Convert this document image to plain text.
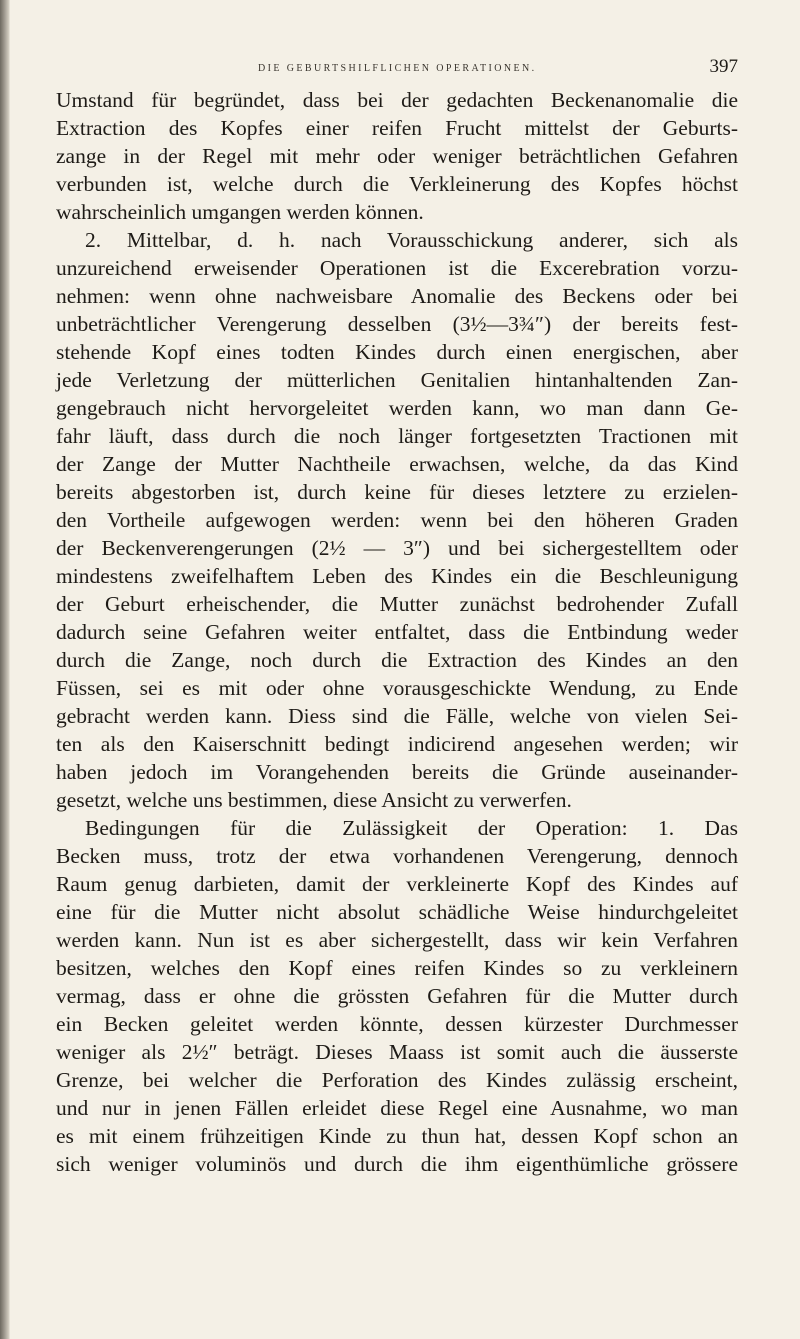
DIE GEBURTSHILFLICHEN OPERATIONEN.	397
Umstand für begründet, dass bei der gedachten Beckenanomalie die
Extraction des Kopfes einer reifen Frucht mittelst der Geburts-
zange in der Regel mit mehr oder weniger beträchtlichen Gefahren
verbunden ist, welche durch die Verkleinerung des Kopfes höchst
wahrscheinlich umgangen werden können.
2. Mittelbar, d. h. nach Vorausschickung anderer, sich als
unzureichend erweisender Operationen ist die Excerebration vorzu-
nehmen: wenn ohne nachweisbare Anomalie des Beckens oder bei
unbeträchtlicher Verengerung desselben (3½—3¾″) der bereits fest-
stehende Kopf eines todten Kindes durch einen energischen, aber
jede Verletzung der mütterlichen Genitalien hintanhaltenden Zan-
gengebrauch nicht hervorgeleitet werden kann, wo man dann Ge-
fahr läuft, dass durch die noch länger fortgesetzten Tractionen mit
der Zange der Mutter Nachtheile erwachsen, welche, da das Kind
bereits abgestorben ist, durch keine für dieses letztere zu erzielen-
den Vortheile aufgewogen werden: wenn bei den höheren Graden
der Beckenverengerungen (2½ — 3″) und bei sichergestelltem oder
mindestens zweifelhaftem Leben des Kindes ein die Beschleunigung
der Geburt erheischender, die Mutter zunächst bedrohender Zufall
dadurch seine Gefahren weiter entfaltet, dass die Entbindung weder
durch die Zange, noch durch die Extraction des Kindes an den
Füssen, sei es mit oder ohne vorausgeschickte Wendung, zu Ende
gebracht werden kann. Diess sind die Fälle, welche von vielen Sei-
ten als den Kaiserschnitt bedingt indicirend angesehen werden; wir
haben jedoch im Vorangehenden bereits die Gründe auseinander-
gesetzt, welche uns bestimmen, diese Ansicht zu verwerfen.
Bedingungen für die Zulässigkeit der Operation: 1. Das
Becken muss, trotz der etwa vorhandenen Verengerung, dennoch
Raum genug darbieten, damit der verkleinerte Kopf des Kindes auf
eine für die Mutter nicht absolut schädliche Weise hindurchgeleitet
werden kann. Nun ist es aber sichergestellt, dass wir kein Verfahren
besitzen, welches den Kopf eines reifen Kindes so zu verkleinern
vermag, dass er ohne die grössten Gefahren für die Mutter durch
ein Becken geleitet werden könnte, dessen kürzester Durchmesser
weniger als 2½″ beträgt. Dieses Maass ist somit auch die äusserste
Grenze, bei welcher die Perforation des Kindes zulässig erscheint,
und nur in jenen Fällen erleidet diese Regel eine Ausnahme, wo man
es mit einem frühzeitigen Kinde zu thun hat, dessen Kopf schon an
sich weniger voluminös und durch die ihm eigenthümliche grössere
